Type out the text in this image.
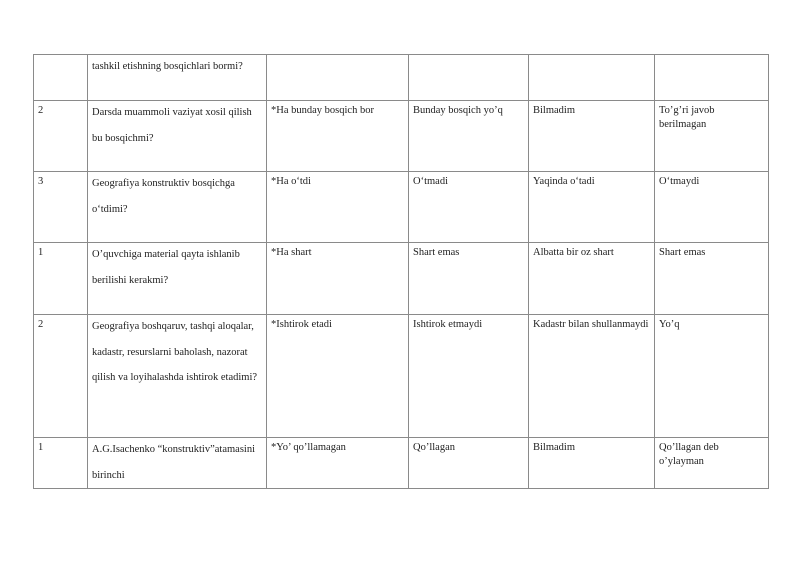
	tashkil etishning bosqichlari bormi?				

2	Darsda muammoli vaziyat xosil qilish bu bosqichmi?	*Ha bunday bosqich bor	Bunday bosqich yo’q	Bilmadim	To’g’ri javob berilmagan

3	Geografiya konstruktiv bosqichga o‘tdimi?	*Ha o‘tdi	O‘tmadi	Yaqinda o‘tadi	O‘tmaydi

1	O’quvchiga material qayta ishlanib berilishi kerakmi?	*Ha shart	Shart emas	Albatta bir oz shart	Shart emas

2	Geografiya boshqaruv, tashqi aloqalar, kadastr, resurslarni baholash, nazorat qilish va loyihalashda ishtirok etadimi?	*Ishtirok etadi	Ishtirok etmaydi	Kadastr bilan shullanmaydi	Yo’q

1	A.G.Isachenko “konstruktiv”atamasini birinchi	*Yo’ qo’llamagan	Qo’llagan	Bilmadim	Qo’llagan deb o’ylayman
